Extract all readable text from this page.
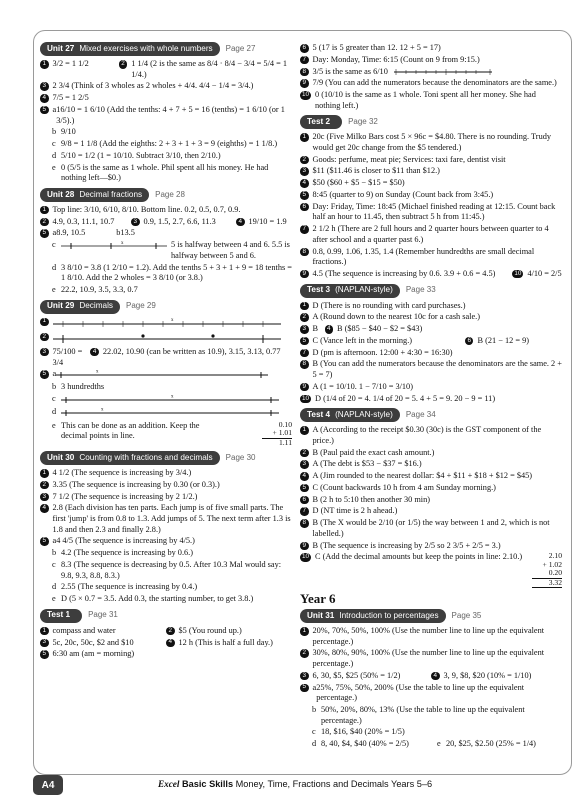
Unit 27 Mixed exercises with whole numbers Page 27
1 3/2 = 1 1/2	2 1 1/4 (2 is the same as 8/4 · 8/4 − 3/4 = 5/4 = 1 1/4.)
3 2 3/4 (Think of 3 wholes as 2 wholes + 4/4. 4/4 − 1/4 = 3/4.)
4 7/5 = 1 2/5
5 a 16/10 = 1 6/10 (Add the tenths: 4 + 7 + 5 = 16 (tenths) = 1 6/10 (or 1 3/5).)
b 9/10
c 9/8 = 1 1/8 (Add the eighths: 2 + 3 + 1 + 3 = 9 (eighths) = 1 1/8.)
d 5/10 = 1/2 (1 = 10/10. Subtract 3/10, then 2/10.)
e 0 (5/5 is the same as 1 whole. Phil spent all his money. He had nothing left—$0.)
Unit 28 Decimal fractions Page 28
1 Top line: 3/10, 6/10, 8/10. Bottom line. 0.2, 0.5, 0.7, 0.9.
2 4.9, 0.3, 11.1, 10.7	3 0.9, 1.5, 2.7, 6.6, 11.3	4 19/10 = 1.9
5 a 8.9, 10.5	b 13.5
c	x	5 is halfway between 4 and 6. 5.5 is halfway between 5 and 6.
d 3 8/10 = 3.8 (1 2/10 = 1.2). Add the tenths 5 + 3 + 1 + 9 = 18 tenths = 1 8/10. Add the 2 wholes = 3 8/10 (or 3.8.)
e 22.2, 10.9, 3.5, 3.3, 0.7
Unit 29 Decimals Page 29
1	x
2
3 75/100 = 3/4
4 22.02, 10.90 (can be written as 10.9), 3.15, 3.13, 0.77
5 a	x
b 3 hundredths
c	x
d	x
e This can be done as an addition. Keep the decimal points in line.
0.10
+ 1.01
1.11
Unit 30 Counting with fractions and decimals Page 30
1 4 1/2 (The sequence is increasing by 3/4.)
2 3.35 (The sequence is increasing by 0.30 (or 0.3).)
3 7 1/2 (The sequence is increasing by 2 1/2.)
4 2.8 (Each division has ten parts. Each jump is of five small parts. The first 'jump' is from 0.8 to 1.3. Add jumps of 5. The next term after 1.3 is 1.8 and then 2.3 and finally 2.8.)
5 a 4 4/5 (The sequence is increasing by 4/5.)
b 4.2 (The sequence is increasing by 0.6.)
c 8.3 (The sequence is decreasing by 0.5. After 10.3 Mal would say: 9.8, 9.3, 8.8, 8.3.)
d 2.55 (The sequence is increasing by 0.4.)
e D (5 × 0.7 = 3.5. Add 0.3, the starting number, to get 3.8.)
Test 1 Page 31
1 compass and water	2 $5 (You round up.)
3 5c, 20c, 50c, $2 and $10	4 12 h (This is half a full day.)
5 6:30 am (am = morning)
6 5 (17 is 5 greater than 12. 12 + 5 = 17)
7 Day: Monday, Time: 6:15 (Count on 9 from 9:15.)
8 3/5 is the same as 6/10
9 7/9 (You can add the numerators because the denominators are the same.)
10 0 (10/10 is the same as 1 whole. Toni spent all her money. She had nothing left.)
Test 2 Page 32
1 20c (Five Milko Bars cost 5 × 96c = $4.80. There is no rounding. Trudy would get 20c change from the $5 tendered.)
2 Goods: perfume, meat pie; Services: taxi fare, dentist visit
3 $11 ($11.46 is closer to $11 than $12.)
4 $50 ($60 + $5 − $15 = $50)
5 8:45 (quarter to 9) on Sunday (Count back from 3:45.)
6 Day: Friday, Time: 18:45 (Michael finished reading at 12:15. Count back half an hour to 11.45, then subtract 5 h from 11:45.)
7 2 1/2 h (There are 2 full hours and 2 quarter hours between quarter to 4 after school and a quarter past 6.)
8 0.8, 0.99, 1.06, 1.35, 1.4 (Remember hundredths are small decimal fractions.)
9 4.5 (The sequence is increasing by 0.6. 3.9 + 0.6 = 4.5)	10 4/10 = 2/5
Test 3 (NAPLAN-style) Page 33
1 D (There is no rounding with card purchases.)
2 A (Round down to the nearest 10c for a cash sale.)
3 B	4 B ($85 − $40 − $2 = $43)
5 C (Vance left in the morning.)	6 B (21 − 12 = 9)
7 D (pm is afternoon. 12:00 + 4:30 = 16:30)
8 B (You can add the numerators because the denominators are the same. 2 + 5 = 7)
9 A (1 = 10/10. 1 − 7/10 = 3/10)
10 D (1/4 of 20 = 4. 1/4 of 20 = 5. 4 + 5 = 9. 20 − 9 = 11)
Test 4 (NAPLAN-style) Page 34
1 A (According to the receipt $0.30 (30c) is the GST component of the price.)
2 B (Paul paid the exact cash amount.)
3 A (The debt is $53 − $37 = $16.)
4 A (Jim rounded to the nearest dollar: $4 + $11 + $18 + $12 = $45)
5 C (Count backwards 10 h from 4 am Sunday morning.)
6 B (2 h to 5:10 then another 30 min)
7 D (NT time is 2 h ahead.)
8 B (The X would be 2/10 (or 1/5) the way between 1 and 2, which is not labelled.)
9 B (The sequence is increasing by 2/5 so 2 3/5 + 2/5 = 3.)
10 C (Add the decimal amounts but keep the points in line: 2.10.)	2.10
+ 1.02
0.20
3.32
Year 6
Unit 31 Introduction to percentages Page 35
1 20%, 70%, 50%, 100% (Use the number line to line up the equivalent percentage.)
2 30%, 80%, 90%, 100% (Use the number line to line up the equivalent percentage.)
3 6, 30, $5, $25 (50% = 1/2)	4 3, 9, $8, $20 (10% = 1/10)
5 a 25%, 75%, 50%, 200% (Use the table to line up the equivalent percentage.)
b 50%, 20%, 80%, 13% (Use the table to line up the equivalent percentage.)
c 18, $16, $40 (20% = 1/5)
d 8, 40, $4, $40 (40% = 2/5)	e 20, $25, $2.50 (25% = 1/4)
A4	Excel Basic Skills Money, Time, Fractions and Decimals Years 5–6
